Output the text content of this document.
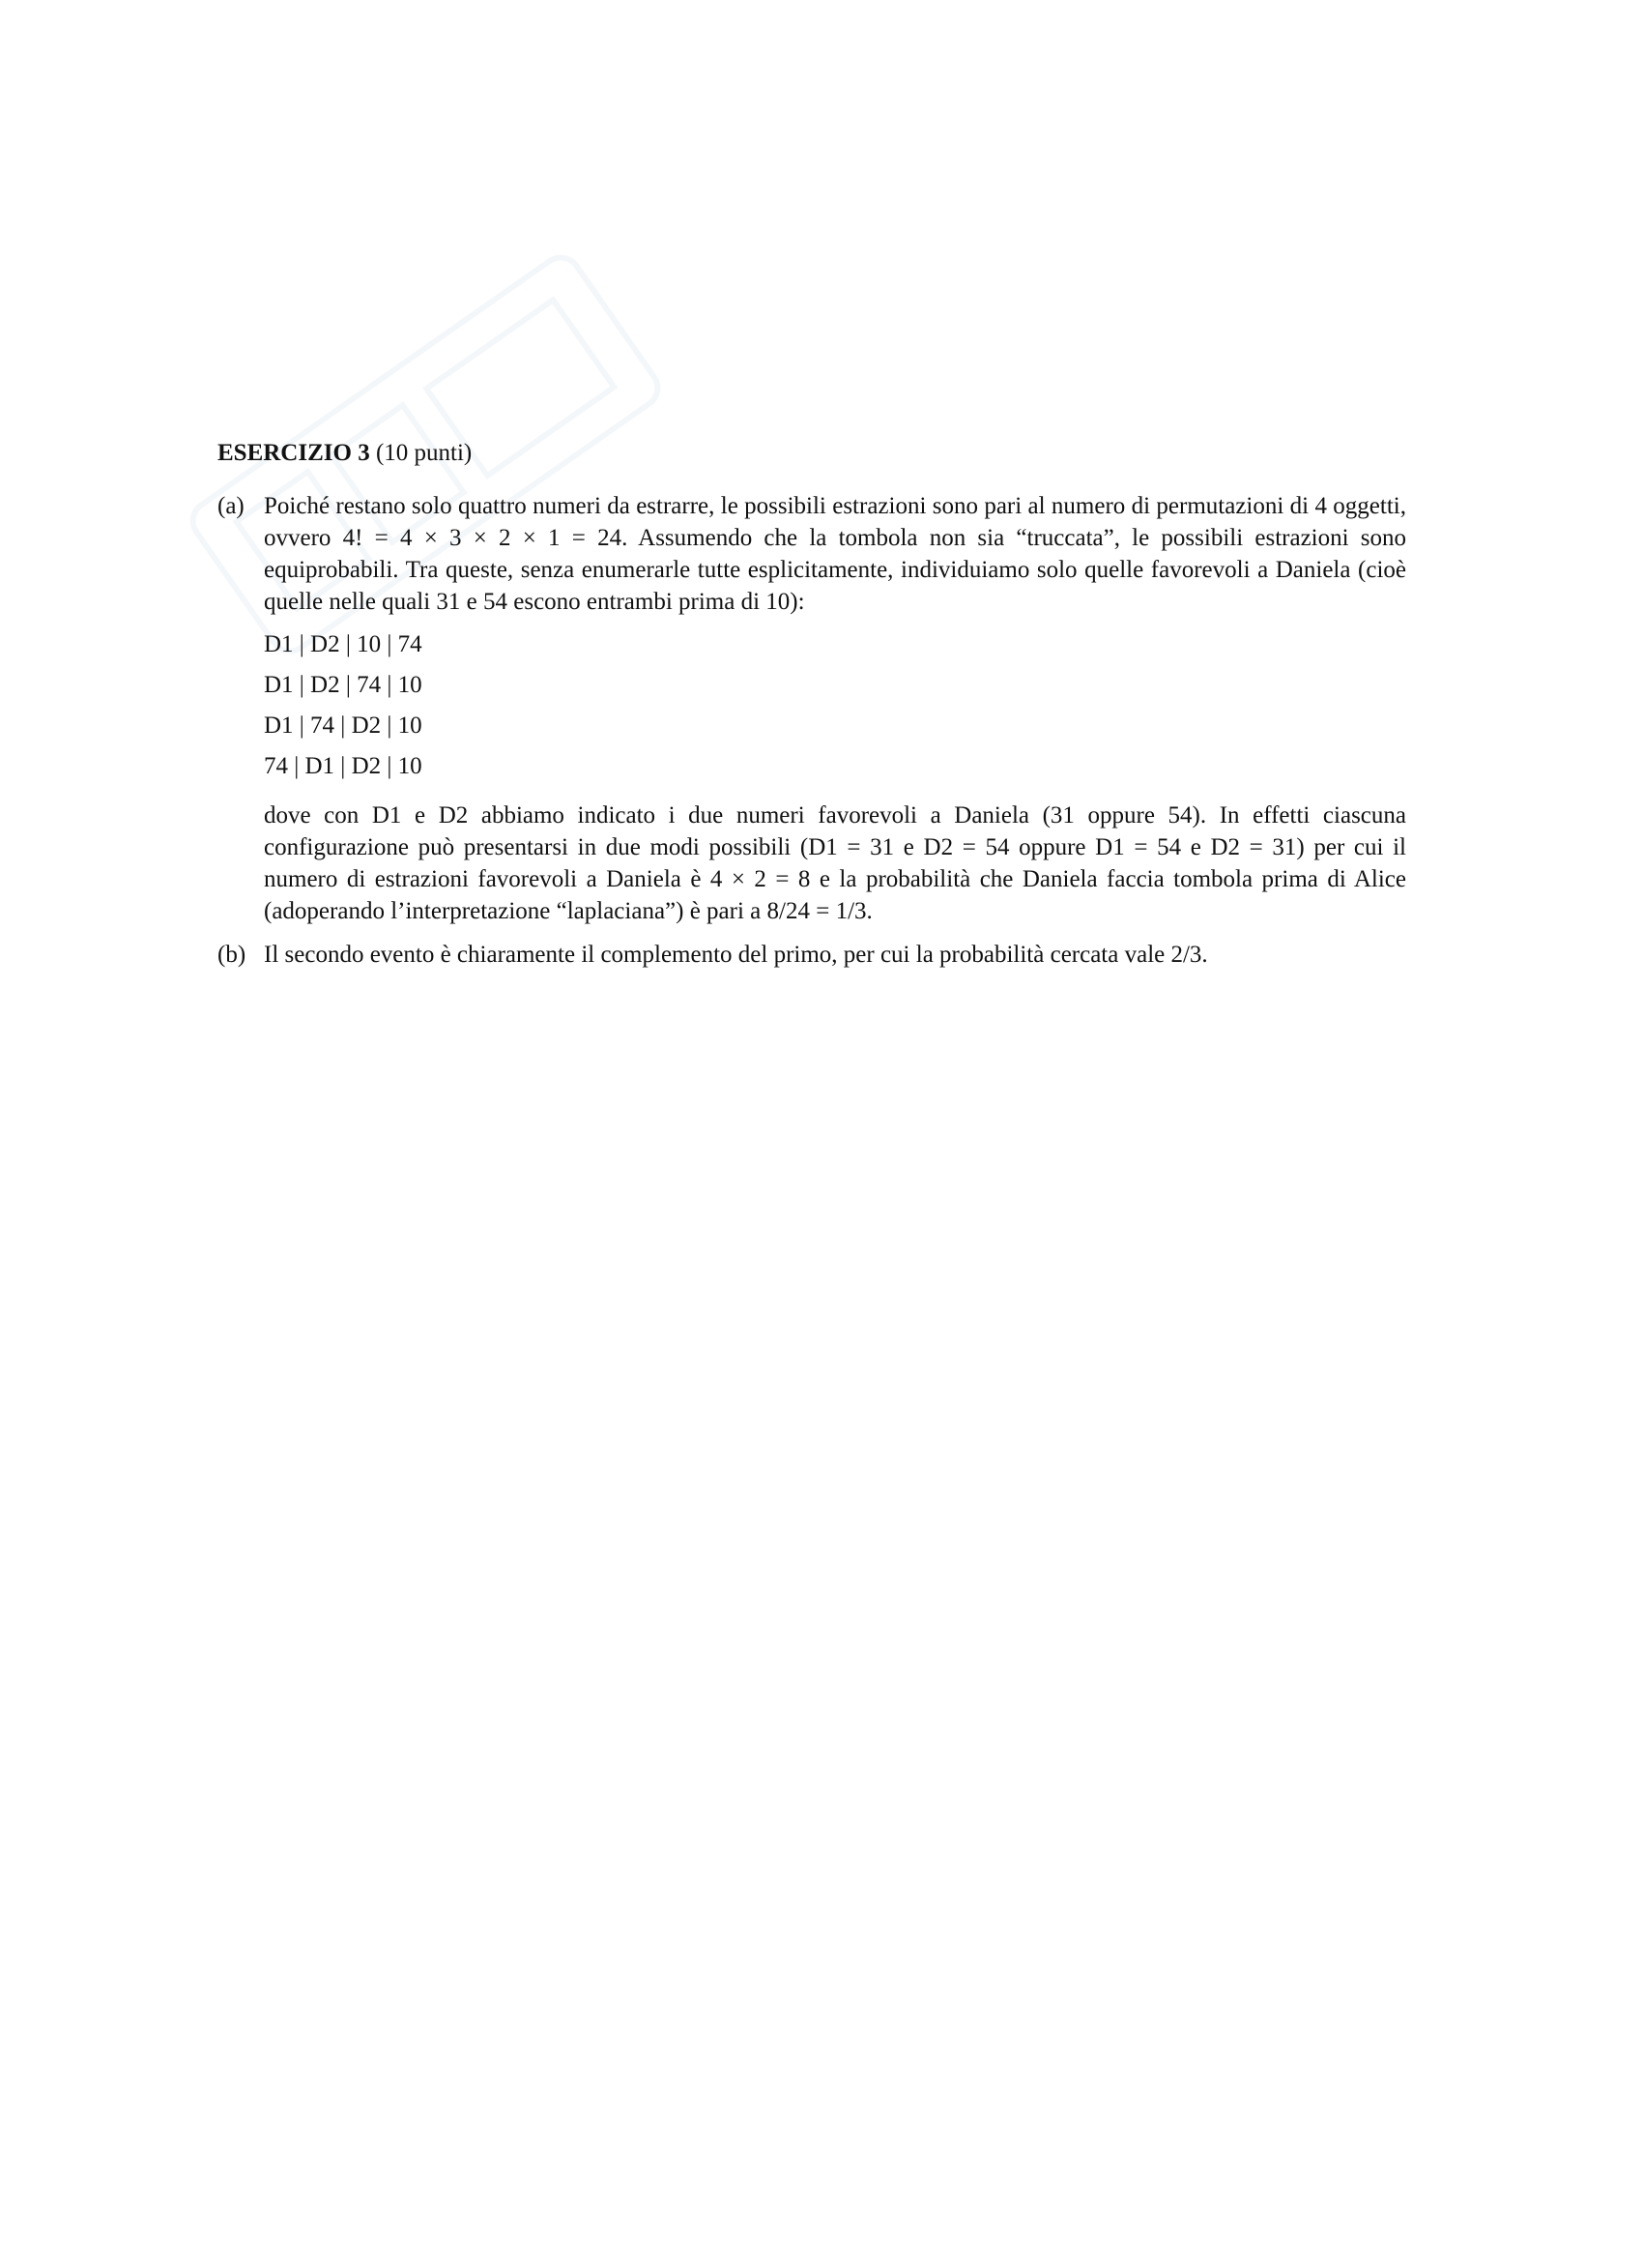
ESERCIZIO 3 (10 punti)
(a) Poiché restano solo quattro numeri da estrarre, le possibili estrazioni sono pari al numero di permutazioni di 4 oggetti, ovvero 4! = 4 × 3 × 2 × 1 = 24. Assumendo che la tombola non sia “truccata”, le possibili estrazioni sono equiprobabili. Tra queste, senza enumerarle tutte esplicitamente, individuiamo solo quelle favorevoli a Daniela (cioè quelle nelle quali 31 e 54 escono entrambi prima di 10):

D1 | D2 | 10 | 74
D1 | D2 | 74 | 10
D1 | 74 | D2 | 10
74 | D1 | D2 | 10

dove con D1 e D2 abbiamo indicato i due numeri favorevoli a Daniela (31 oppure 54). In effetti ciascuna configurazione può presentarsi in due modi possibili (D1 = 31 e D2 = 54 oppure D1 = 54 e D2 = 31) per cui il numero di estrazioni favorevoli a Daniela è 4 × 2 = 8 e la probabilità che Daniela faccia tombola prima di Alice (adoperando l’interpretazione “laplaciana”) è pari a 8/24 = 1/3.

(b) Il secondo evento è chiaramente il complemento del primo, per cui la probabilità cercata vale 2/3.
